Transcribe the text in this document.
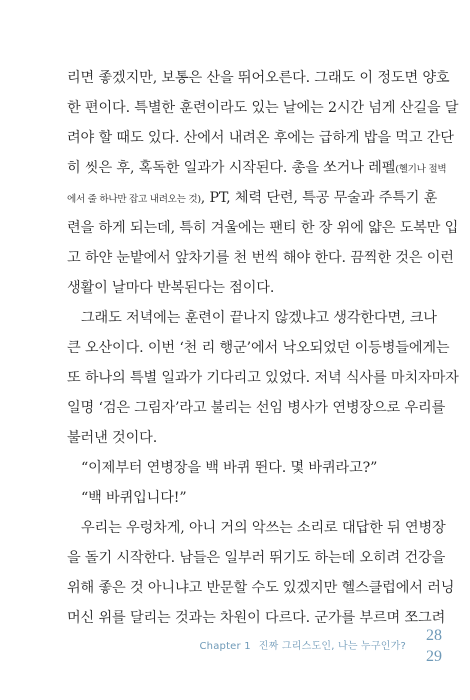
리면 좋겠지만, 보통은 산을 뛰어오른다. 그래도 이 정도면 양호
한 편이다. 특별한 훈련이라도 있는 날에는 2시간 넘게 산길을 달
려야 할 때도 있다. 산에서 내려온 후에는 급하게 밥을 먹고 간단
히 씻은 후, 혹독한 일과가 시작된다. 총을 쏘거나 레펠(헬기나 절벽
에서 줄 하나만 잡고 내려오는 것), PT, 체력 단련, 특공 무술과 주특기 훈
련을 하게 되는데, 특히 겨울에는 팬티 한 장 위에 얇은 도복만 입
고 하얀 눈밭에서 앞차기를 천 번씩 해야 한다. 끔찍한 것은 이런
생활이 날마다 반복된다는 점이다.
그래도 저녁에는 훈련이 끝나지 않겠냐고 생각한다면, 크나
큰 오산이다. 이번 ‘천 리 행군’에서 낙오되었던 이등병들에게는
또 하나의 특별 일과가 기다리고 있었다. 저녁 식사를 마치자마자
일명 ‘검은 그림자’라고 불리는 선임 병사가 연병장으로 우리를
불러낸 것이다.
“이제부터 연병장을 백 바퀴 뛴다. 몇 바퀴라고?”
“백 바퀴입니다!”
우리는 우렁차게, 아니 거의 악쓰는 소리로 대답한 뒤 연병장
을 돌기 시작한다. 남들은 일부러 뛰기도 하는데 오히려 건강을
위해 좋은 것 아니냐고 반문할 수도 있겠지만 헬스클럽에서 러닝
머신 위를 달리는 것과는 차원이 다르다. 군가를 부르며 쪼그려
Chapter 1 진짜 그리스도인, 나는 누구인가?
28
29
